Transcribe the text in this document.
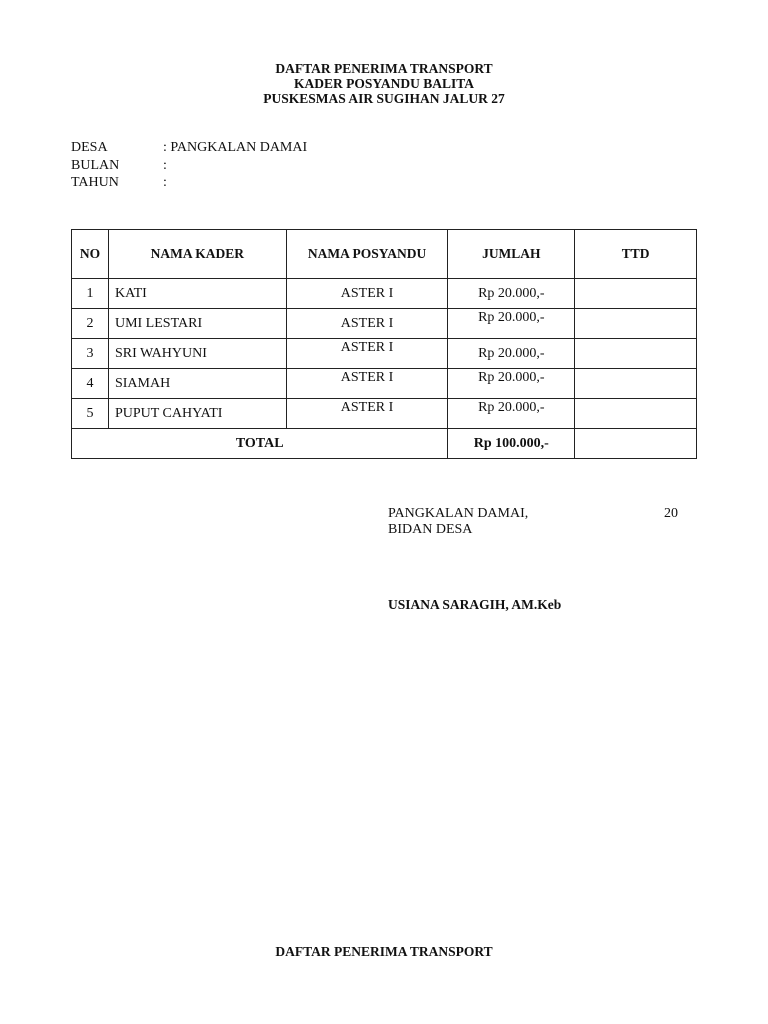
DAFTAR PENERIMA TRANSPORT
KADER POSYANDU BALITA
PUSKESMAS AIR SUGIHAN JALUR 27
DESA	: PANGKALAN DAMAI
BULAN	:
TAHUN	:
NO	NAMA KADER	NAMA POSYANDU	JUMLAH	TTD
1	KATI	ASTER I	Rp 20.000,-	
2	UMI LESTARI	ASTER I	Rp 20.000,-	
3	SRI WAHYUNI	ASTER I	Rp 20.000,-	
4	SIAMAH	ASTER I	Rp 20.000,-	
5	PUPUT CAHYATI	ASTER I	Rp 20.000,-	
TOTAL			Rp 100.000,-	
PANGKALAN DAMAI,	20
BIDAN DESA
USIANA SARAGIH, AM.Keb
DAFTAR PENERIMA TRANSPORT
